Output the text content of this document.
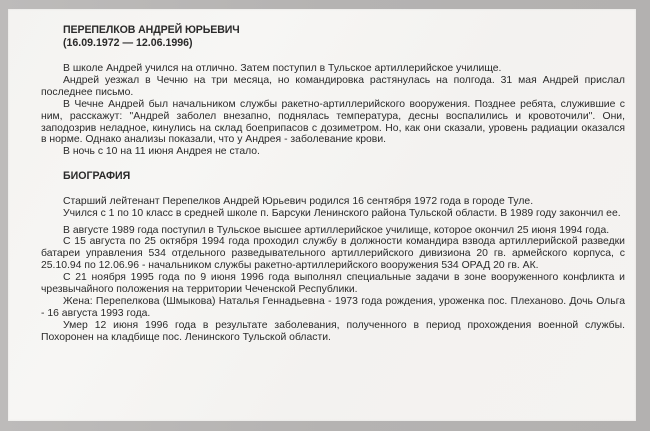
ПЕРЕПЕЛКОВ АНДРЕЙ ЮРЬЕВИЧ
(16.09.1972 — 12.06.1996)

В школе Андрей учился на отлично. Затем поступил в Тульское артиллерийское училище.

Андрей уезжал в Чечню на три месяца, но командировка растянулась на полгода. 31 мая Андрей прислал последнее письмо.

В Чечне Андрей был начальником службы ракетно-артиллерийского вооружения. Позднее ребята, служившие с ним, расскажут: "Андрей заболел внезапно, поднялась температура, десны воспалились и кровоточили". Они, заподозрив неладное, кинулись на склад боеприпасов с дозиметром. Но, как они сказали, уровень радиации оказался в норме. Однако анализы показали, что у Андрея - заболевание крови.

В ночь с 10 на 11 июня Андрея не стало.

БИОГРАФИЯ

Старший лейтенант Перепелков Андрей Юрьевич родился 16 сентября 1972 года в городе Туле.

Учился с 1 по 10 класс в средней школе п. Барсуки Ленинского района Тульской области. В 1989 году закончил ее.

В августе 1989 года поступил в Тульское высшее артиллерийское училище, которое окончил 25 июня 1994 года.

С 15 августа по 25 октября 1994 года проходил службу в должности командира взвода артиллерийской разведки батареи управления 534 отдельного разведывательного артиллерийского дивизиона 20 гв. армейского корпуса, с 25.10.94 по 12.06.96 - начальником службы ракетно-артиллерийского вооружения 534 ОРАД 20 гв. АК.

С 21 ноября 1995 года по 9 июня 1996 года выполнял специальные задачи в зоне вооруженного конфликта и чрезвычайного положения на территории Чеченской Республики.

Жена: Перепелкова (Шмыкова) Наталья Геннадьевна - 1973 года рождения, уроженка пос. Плеханово. Дочь Ольга - 16 августа 1993 года.

Умер 12 июня 1996 года в результате заболевания, полученного в период прохождения военной службы. Похоронен на кладбище пос. Ленинского Тульской области.
